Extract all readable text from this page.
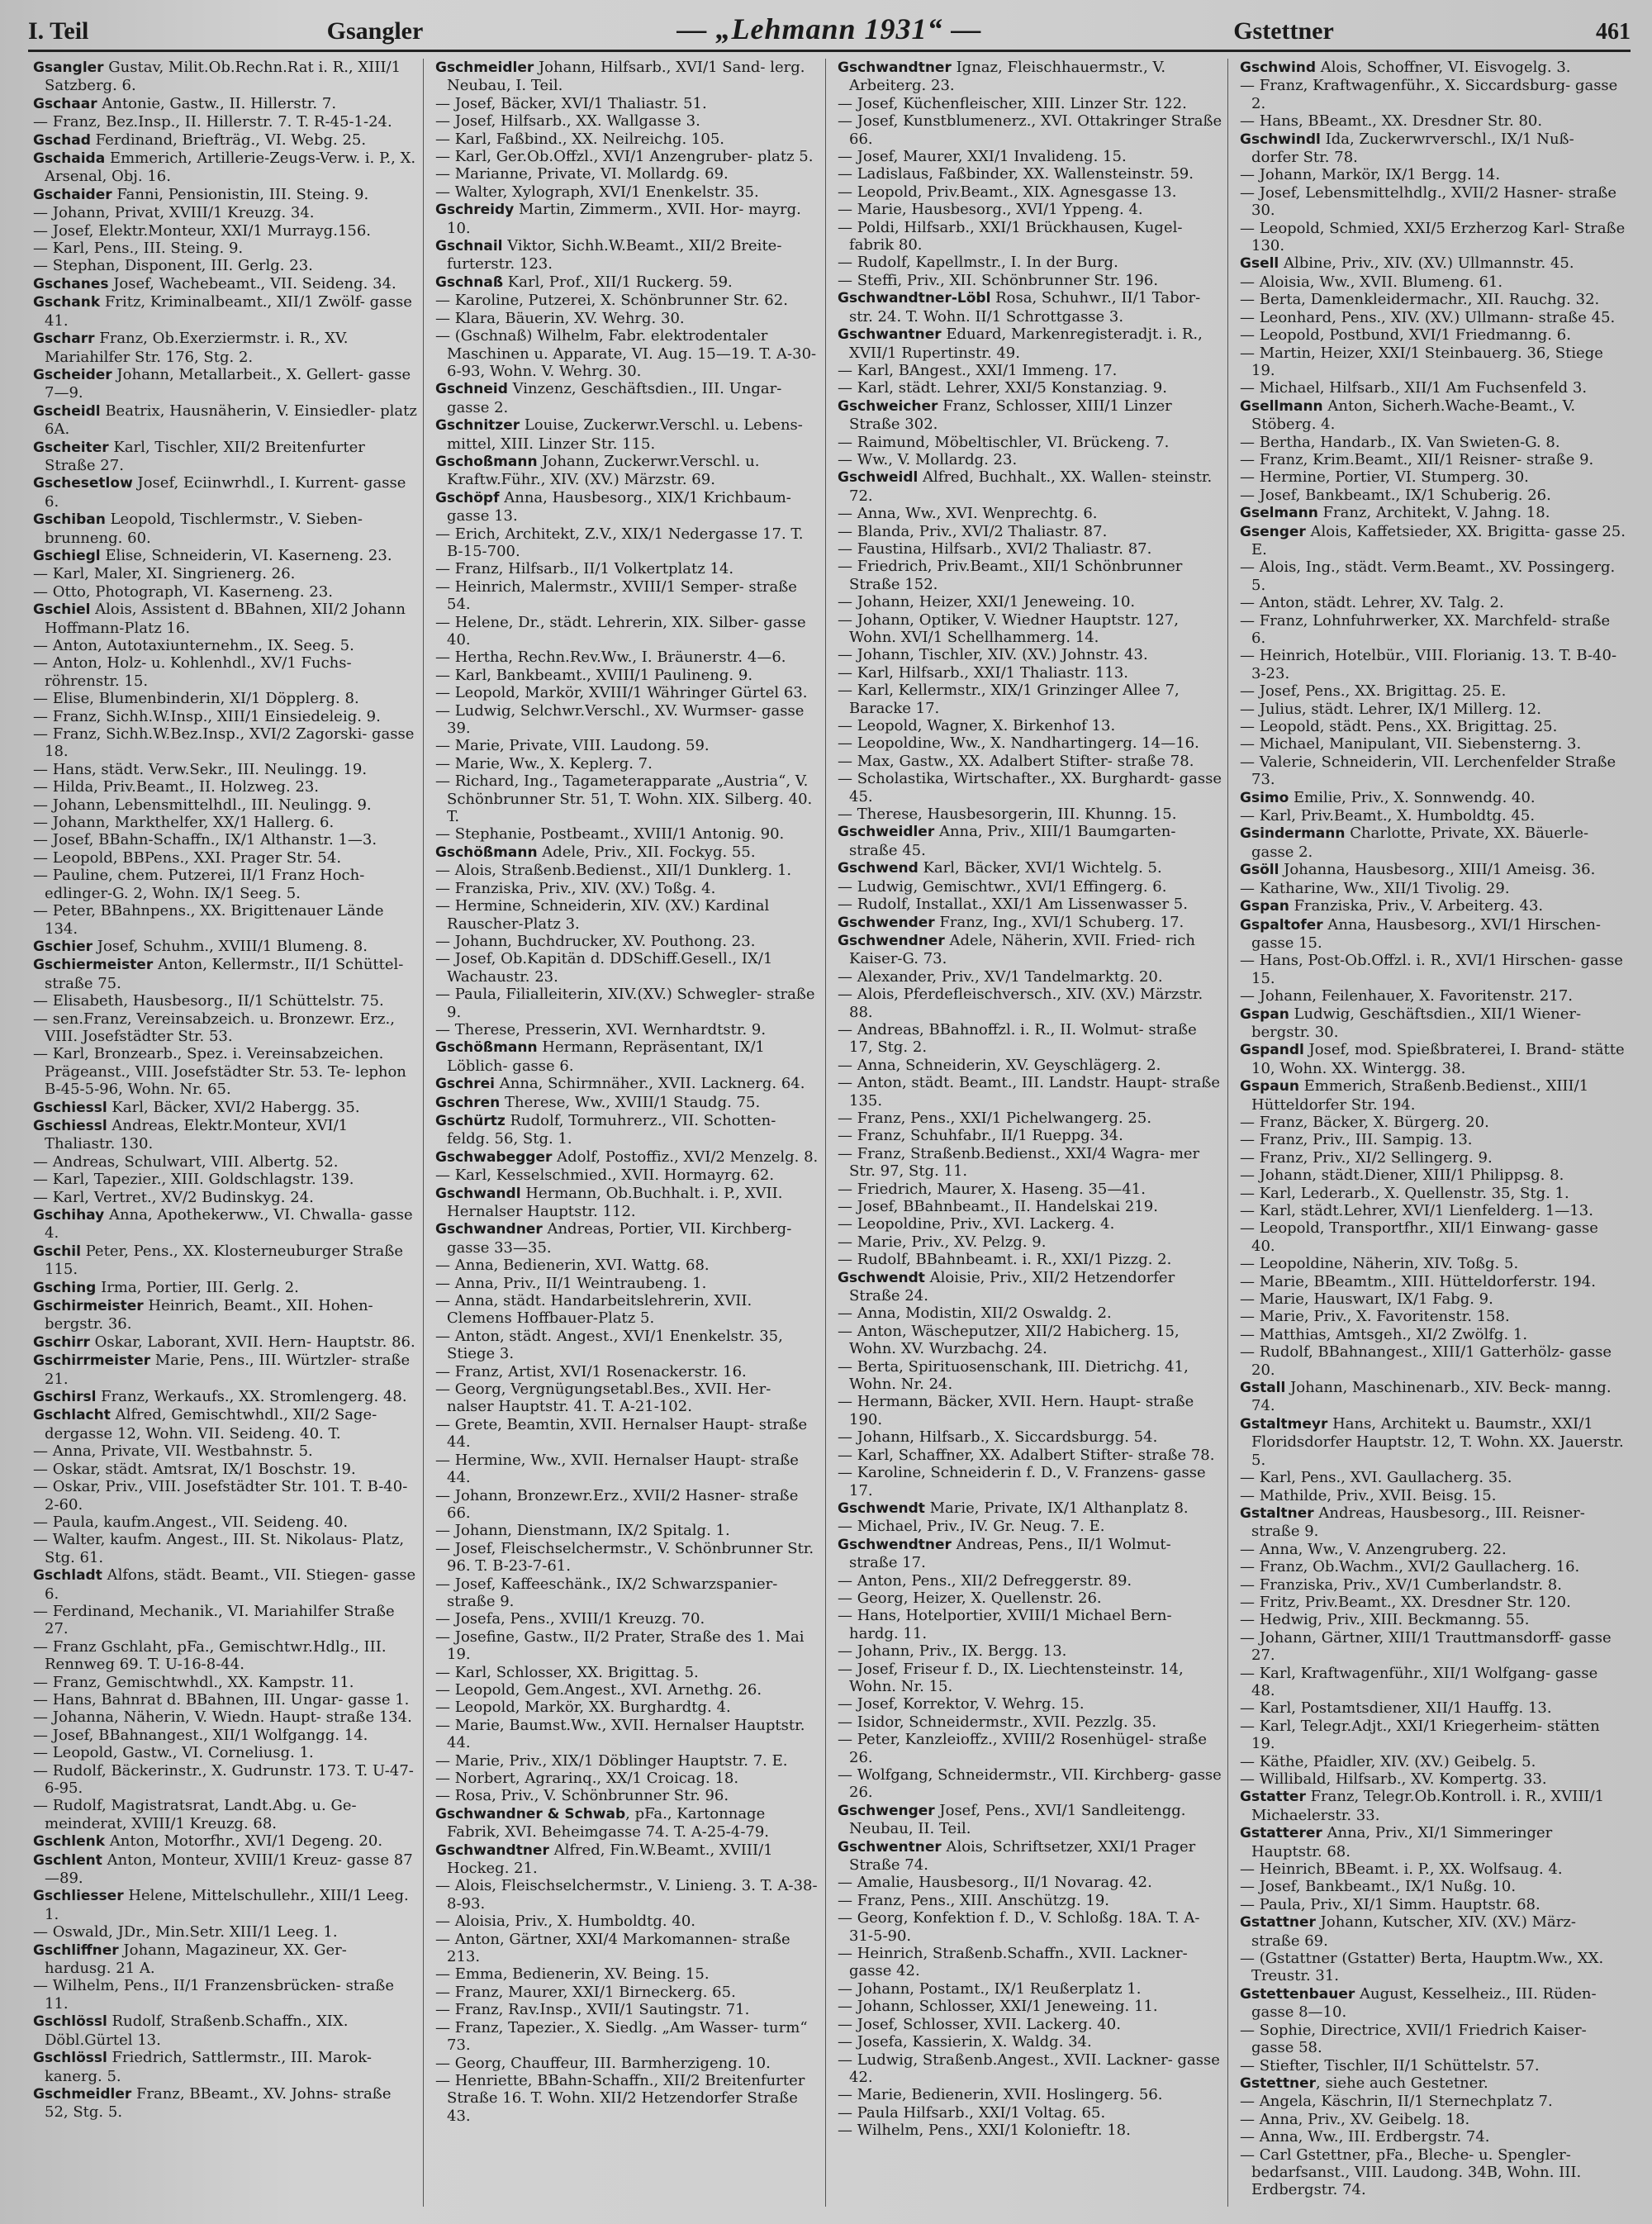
I. Teil	Gsangler	— „Lehmann 1931“ —	Gstettner	461

Gsangler Gustav, Milit.Ob.Rechn.Rat i. R., XIII/1 Satzberg. 6.

Gschaar Antonie, Gastw., II. Hillerstr. 7.

— Franz, Bez.Insp., II. Hillerstr. 7. T. R-45-1-24.

Gschad Ferdinand, Briefträg., VI. Webg. 25.

Gschaida Emmerich, Artillerie-Zeugs-Verw. i. P., X. Arsenal, Obj. 16.

Gschaider Fanni, Pensionistin, III. Steing. 9.

— Johann, Privat, XVIII/1 Kreuzg. 34.

— Josef, Elektr.Monteur, XXI/1 Murrayg.156.

— Karl, Pens., III. Steing. 9.

— Stephan, Disponent, III. Gerlg. 23.

Gschanes Josef, Wachebeamt., VII. Seideng. 34.

Gschank Fritz, Kriminalbeamt., XII/1 Zwölf- gasse 41.

Gscharr Franz, Ob.Exerziermstr. i. R., XV. Mariahilfer Str. 176, Stg. 2.

Gscheider Johann, Metallarbeit., X. Gellert- gasse 7—9.

Gscheidl Beatrix, Hausnäherin, V. Einsiedler- platz 6A.

Gscheiter Karl, Tischler, XII/2 Breitenfurter Straße 27.

Gschesetlow Josef, Eciinwrhdl., I. Kurrent- gasse 6.

Gschiban Leopold, Tischlermstr., V. Sieben- brunneng. 60.

Gschiegl Elise, Schneiderin, VI. Kaserneng. 23.

— Karl, Maler, XI. Singrienerg. 26.

— Otto, Photograph, VI. Kaserneng. 23.

Gschiel Alois, Assistent d. BBahnen, XII/2 Johann Hoffmann-Platz 16.

— Anton, Autotaxiunternehm., IX. Seeg. 5.

— Anton, Holz- u. Kohlenhdl., XV/1 Fuchs- röhrenstr. 15.

— Elise, Blumenbinderin, XI/1 Döpplerg. 8.

— Franz, Sichh.W.Insp., XIII/1 Einsiedeleig. 9.

— Franz, Sichh.W.Bez.Insp., XVI/2 Zagorski- gasse 18.

— Hans, städt. Verw.Sekr., III. Neulingg. 19.

— Hilda, Priv.Beamt., II. Holzweg. 23.

— Johann, Lebensmittelhdl., III. Neulingg. 9.

— Johann, Markthelfer, XX/1 Hallerg. 6.

— Josef, BBahn-Schaffn., IX/1 Althanstr. 1—3.

— Leopold, BBPens., XXI. Prager Str. 54.

— Pauline, chem. Putzerei, II/1 Franz Hoch- edlinger-G. 2, Wohn. IX/1 Seeg. 5.

— Peter, BBahnpens., XX. Brigittenauer Lände 134.

Gschier Josef, Schuhm., XVIII/1 Blumeng. 8.

Gschiermeister Anton, Kellermstr., II/1 Schüttel- straße 75.

— Elisabeth, Hausbesorg., II/1 Schüttelstr. 75.

— sen.Franz, Vereinsabzeich. u. Bronzewr. Erz., VIII. Josefstädter Str. 53.

— Karl, Bronzearb., Spez. i. Vereinsabzeichen. Prägeanst., VIII. Josefstädter Str. 53. Te- lephon B-45-5-96, Wohn. Nr. 65.

Gschiessl Karl, Bäcker, XVI/2 Habergg. 35.

Gschiessl Andreas, Elektr.Monteur, XVI/1 Thaliastr. 130.

— Andreas, Schulwart, VIII. Albertg. 52.

— Karl, Tapezier., XIII. Goldschlagstr. 139.

— Karl, Vertret., XV/2 Budinskyg. 24.

Gschihay Anna, Apothekerww., VI. Chwalla- gasse 4.

Gschil Peter, Pens., XX. Klosterneuburger Straße 115.

Gsching Irma, Portier, III. Gerlg. 2.

Gschirmeister Heinrich, Beamt., XII. Hohen- bergstr. 36.

Gschirr Oskar, Laborant, XVII. Hern- Hauptstr. 86.

Gschirrmeister Marie, Pens., III. Würtzler- straße 21.

Gschirsl Franz, Werkaufs., XX. Stromlengerg. 48.

Gschlacht Alfred, Gemischtwhdl., XII/2 Sage- dergasse 12, Wohn. VII. Seideng. 40. T.

— Anna, Private, VII. Westbahnstr. 5.

— Oskar, städt. Amtsrat, IX/1 Boschstr. 19.

— Oskar, Priv., VIII. Josefstädter Str. 101. T. B-40-2-60.

— Paula, kaufm.Angest., VII. Seideng. 40.

— Walter, kaufm. Angest., III. St. Nikolaus- Platz, Stg. 61.

Gschladt Alfons, städt. Beamt., VII. Stiegen- gasse 6.

— Ferdinand, Mechanik., VI. Mariahilfer Straße 27.

— Franz Gschlaht, pFa., Gemischtwr.Hdlg., III. Rennweg 69. T. U-16-8-44.

— Franz, Gemischtwhdl., XX. Kampstr. 11.

— Hans, Bahnrat d. BBahnen, III. Ungar- gasse 1.

— Johanna, Näherin, V. Wiedn. Haupt- straße 134.

— Josef, BBahnangest., XII/1 Wolfgangg. 14.

— Leopold, Gastw., VI. Corneliusg. 1.

— Rudolf, Bäckerinstr., X. Gudrunstr. 173. T. U-47-6-95.

— Rudolf, Magistratsrat, Landt.Abg. u. Ge- meinderat, XVIII/1 Kreuzg. 68.

Gschlenk Anton, Motorfhr., XVI/1 Degeng. 20.

Gschlent Anton, Monteur, XVIII/1 Kreuz- gasse 87—89.

Gschliesser Helene, Mittelschullehr., XIII/1 Leeg. 1.

— Oswald, JDr., Min.Setr. XIII/1 Leeg. 1.

Gschliffner Johann, Magazineur, XX. Ger- hardusg. 21 A.

— Wilhelm, Pens., II/1 Franzensbrücken- straße 11.

Gschlössl Rudolf, Straßenb.Schaffn., XIX. Döbl.Gürtel 13.

Gschlössl Friedrich, Sattlermstr., III. Marok- kanerg. 5.

Gschmeidler Franz, BBeamt., XV. Johns- straße 52, Stg. 5.

Gschmeidler Johann, Hilfsarb., XVI/1 Sand- lerg. Neubau, I. Teil.

— Josef, Bäcker, XVI/1 Thaliastr. 51.

— Josef, Hilfsarb., XX. Wallgasse 3.

— Karl, Faßbind., XX. Neilreichg. 105.

— Karl, Ger.Ob.Offzl., XVI/1 Anzengruber- platz 5.

— Marianne, Private, VI. Mollardg. 69.

— Walter, Xylograph, XVI/1 Enenkelstr. 35.

Gschreidy Martin, Zimmerm., XVII. Hor- mayrg. 10.

Gschnail Viktor, Sichh.W.Beamt., XII/2 Breite- furterstr. 123.

Gschnaß Karl, Prof., XII/1 Ruckerg. 59.

— Karoline, Putzerei, X. Schönbrunner Str. 62.

— Klara, Bäuerin, XV. Wehrg. 30.

— (Gschnaß) Wilhelm, Fabr. elektrodentaler Maschinen u. Apparate, VI. Aug. 15—19. T. A-30-6-93, Wohn. V. Wehrg. 30.

Gschneid Vinzenz, Geschäftsdien., III. Ungar- gasse 2.

Gschnitzer Louise, Zuckerwr.Verschl. u. Lebens- mittel, XIII. Linzer Str. 115.

Gschoßmann Johann, Zuckerwr.Verschl. u. Kraftw.Führ., XIV. (XV.) Märzstr. 69.

Gschöpf Anna, Hausbesorg., XIX/1 Krichbaum- gasse 13.

— Erich, Architekt, Z.V., XIX/1 Nedergasse 17. T. B-15-700.

— Franz, Hilfsarb., II/1 Volkertplatz 14.

— Heinrich, Malermstr., XVIII/1 Semper- straße 54.

— Helene, Dr., städt. Lehrerin, XIX. Silber- gasse 40.

— Hertha, Rechn.Rev.Ww., I. Bräunerstr. 4—6.

— Karl, Bankbeamt., XVIII/1 Paulineng. 9.

— Leopold, Markör, XVIII/1 Währinger Gürtel 63.

— Ludwig, Selchwr.Verschl., XV. Wurmser- gasse 39.

— Marie, Private, VIII. Laudong. 59.

— Marie, Ww., X. Keplerg. 7.

— Richard, Ing., Tagameterapparate „Austria“, V. Schönbrunner Str. 51, T. Wohn. XIX. Silberg. 40. T.

— Stephanie, Postbeamt., XVIII/1 Antonig. 90.

Gschößmann Adele, Priv., XII. Fockyg. 55.

— Alois, Straßenb.Bedienst., XII/1 Dunklerg. 1.

— Franziska, Priv., XIV. (XV.) Toßg. 4.

— Hermine, Schneiderin, XIV. (XV.) Kardinal Rauscher-Platz 3.

— Johann, Buchdrucker, XV. Pouthong. 23.

— Josef, Ob.Kapitän d. DDSchiff.Gesell., IX/1 Wachaustr. 23.

— Paula, Filialleiterin, XIV.(XV.) Schwegler- straße 9.

— Therese, Presserin, XVI. Wernhardtstr. 9.

Gschößmann Hermann, Repräsentant, IX/1 Löblich- gasse 6.

Gschrei Anna, Schirmnäher., XVII. Lacknerg. 64.

Gschren Therese, Ww., XVIII/1 Staudg. 75.

Gschürtz Rudolf, Tormuhrerz., VII. Schotten- feldg. 56, Stg. 1.

Gschwabegger Adolf, Postoffiz., XVI/2 Menzelg. 8.

— Karl, Kesselschmied., XVII. Hormayrg. 62.

Gschwandl Hermann, Ob.Buchhalt. i. P., XVII. Hernalser Hauptstr. 112.

Gschwandner Andreas, Portier, VII. Kirchberg- gasse 33—35.

— Anna, Bedienerin, XVI. Wattg. 68.

— Anna, Priv., II/1 Weintraubeng. 1.

— Anna, städt. Handarbeitslehrerin, XVII. Clemens Hoffbauer-Platz 5.

— Anton, städt. Angest., XVI/1 Enenkelstr. 35, Stiege 3.

— Franz, Artist, XVI/1 Rosenackerstr. 16.

— Georg, Vergnügungsetabl.Bes., XVII. Her- nalser Hauptstr. 41. T. A-21-102.

— Grete, Beamtin, XVII. Hernalser Haupt- straße 44.

— Hermine, Ww., XVII. Hernalser Haupt- straße 44.

— Johann, Bronzewr.Erz., XVII/2 Hasner- straße 66.

— Johann, Dienstmann, IX/2 Spitalg. 1.

— Josef, Fleischselchermstr., V. Schönbrunner Str. 96. T. B-23-7-61.

— Josef, Kaffeeschänk., IX/2 Schwarzspanier- straße 9.

— Josefa, Pens., XVIII/1 Kreuzg. 70.

— Josefine, Gastw., II/2 Prater, Straße des 1. Mai 19.

— Karl, Schlosser, XX. Brigittag. 5.

— Leopold, Gem.Angest., XVI. Arnethg. 26.

— Leopold, Markör, XX. Burghardtg. 4.

— Marie, Baumst.Ww., XVII. Hernalser Hauptstr. 44.

— Marie, Priv., XIX/1 Döblinger Hauptstr. 7. E.

— Norbert, Agrarinq., XX/1 Croicag. 18.

— Rosa, Priv., V. Schönbrunner Str. 96.

Gschwandner & Schwab, pFa., Kartonnage Fabrik, XVI. Beheimgasse 74. T. A-25-4-79.

Gschwandtner Alfred, Fin.W.Beamt., XVIII/1 Hockeg. 21.

— Alois, Fleischselchermstr., V. Linieng. 3. T. A-38-8-93.

— Aloisia, Priv., X. Humboldtg. 40.

— Anton, Gärtner, XXI/4 Markomannen- straße 213.

— Emma, Bedienerin, XV. Being. 15.

— Franz, Maurer, XXI/1 Birneckerg. 65.

— Franz, Rav.Insp., XVII/1 Sautingstr. 71.

— Franz, Tapezier., X. Siedlg. „Am Wasser- turm“ 73.

— Georg, Chauffeur, III. Barmherzigeng. 10.

— Henriette, BBahn-Schaffn., XII/2 Breitenfurter Straße 16. T. Wohn. XII/2 Hetzendorfer Straße 43.

Gschwandtner Ignaz, Fleischhauermstr., V. Arbeiterg. 23.

— Josef, Küchenfleischer, XIII. Linzer Str. 122.

— Josef, Kunstblumenerz., XVI. Ottakringer Straße 66.

— Josef, Maurer, XXI/1 Invalideng. 15.

— Ladislaus, Faßbinder, XX. Wallensteinstr. 59.

— Leopold, Priv.Beamt., XIX. Agnesgasse 13.

— Marie, Hausbesorg., XVI/1 Yppeng. 4.

— Poldi, Hilfsarb., XXI/1 Brückhausen, Kugel- fabrik 80.

— Rudolf, Kapellmstr., I. In der Burg.

— Steffi, Priv., XII. Schönbrunner Str. 196.

Gschwandtner-Löbl Rosa, Schuhwr., II/1 Tabor- str. 24. T. Wohn. II/1 Schrottgasse 3.

Gschwantner Eduard, Markenregisteradjt. i. R., XVII/1 Rupertinstr. 49.

— Karl, BAngest., XXI/1 Immeng. 17.

— Karl, städt. Lehrer, XXI/5 Konstanziag. 9.

Gschweicher Franz, Schlosser, XIII/1 Linzer Straße 302.

— Raimund, Möbeltischler, VI. Brückeng. 7.

— Ww., V. Mollardg. 23.

Gschweidl Alfred, Buchhalt., XX. Wallen- steinstr. 72.

— Anna, Ww., XVI. Wenprechtg. 6.

— Blanda, Priv., XVI/2 Thaliastr. 87.

— Faustina, Hilfsarb., XVI/2 Thaliastr. 87.

— Friedrich, Priv.Beamt., XII/1 Schönbrunner Straße 152.

— Johann, Heizer, XXI/1 Jeneweing. 10.

— Johann, Optiker, V. Wiedner Hauptstr. 127, Wohn. XVI/1 Schellhammerg. 14.

— Johann, Tischler, XIV. (XV.) Johnstr. 43.

— Karl, Hilfsarb., XXI/1 Thaliastr. 113.

— Karl, Kellermstr., XIX/1 Grinzinger Allee 7, Baracke 17.

— Leopold, Wagner, X. Birkenhof 13.

— Leopoldine, Ww., X. Nandhartingerg. 14—16.

— Max, Gastw., XX. Adalbert Stifter- straße 78.

— Scholastika, Wirtschafter., XX. Burghardt- gasse 45.

— Therese, Hausbesorgerin, III. Khunng. 15.

Gschweidler Anna, Priv., XIII/1 Baumgarten- straße 45.

Gschwend Karl, Bäcker, XVI/1 Wichtelg. 5.

— Ludwig, Gemischtwr., XVI/1 Effingerg. 6.

— Rudolf, Installat., XXI/1 Am Lissenwasser 5.

Gschwender Franz, Ing., XVI/1 Schuberg. 17.

Gschwendner Adele, Näherin, XVII. Fried- rich Kaiser-G. 73.

— Alexander, Priv., XV/1 Tandelmarktg. 20.

— Alois, Pferdefleischversch., XIV. (XV.) Märzstr. 88.

— Andreas, BBahnoffzl. i. R., II. Wolmut- straße 17, Stg. 2.

— Anna, Schneiderin, XV. Geyschlägerg. 2.

— Anton, städt. Beamt., III. Landstr. Haupt- straße 135.

— Franz, Pens., XXI/1 Pichelwangerg. 25.

— Franz, Schuhfabr., II/1 Rueppg. 34.

— Franz, Straßenb.Bedienst., XXI/4 Wagra- mer Str. 97, Stg. 11.

— Friedrich, Maurer, X. Haseng. 35—41.

— Josef, BBahnbeamt., II. Handelskai 219.

— Leopoldine, Priv., XVI. Lackerg. 4.

— Marie, Priv., XV. Pelzg. 9.

— Rudolf, BBahnbeamt. i. R., XXI/1 Pizzg. 2.

Gschwendt Aloisie, Priv., XII/2 Hetzendorfer Straße 24.

— Anna, Modistin, XII/2 Oswaldg. 2.

— Anton, Wäscheputzer, XII/2 Habicherg. 15, Wohn. XV. Wurzbachg. 24.

— Berta, Spirituosenschank, III. Dietrichg. 41, Wohn. Nr. 24.

— Hermann, Bäcker, XVII. Hern. Haupt- straße 190.

— Johann, Hilfsarb., X. Siccardsburgg. 54.

— Karl, Schaffner, XX. Adalbert Stifter- straße 78.

— Karoline, Schneiderin f. D., V. Franzens- gasse 17.

Gschwendt Marie, Private, IX/1 Althanplatz 8.

— Michael, Priv., IV. Gr. Neug. 7. E.

Gschwendtner Andreas, Pens., II/1 Wolmut- straße 17.

— Anton, Pens., XII/2 Defreggerstr. 89.

— Georg, Heizer, X. Quellenstr. 26.

— Hans, Hotelportier, XVIII/1 Michael Bern- hardg. 11.

— Johann, Priv., IX. Bergg. 13.

— Josef, Friseur f. D., IX. Liechtensteinstr. 14, Wohn. Nr. 15.

— Josef, Korrektor, V. Wehrg. 15.

— Isidor, Schneidermstr., XVII. Pezzlg. 35.

— Peter, Kanzleioffz., XVIII/2 Rosenhügel- straße 26.

— Wolfgang, Schneidermstr., VII. Kirchberg- gasse 26.

Gschwenger Josef, Pens., XVI/1 Sandleitengg. Neubau, II. Teil.

Gschwentner Alois, Schriftsetzer, XXI/1 Prager Straße 74.

— Amalie, Hausbesorg., II/1 Novarag. 42.

— Franz, Pens., XIII. Anschützg. 19.

— Georg, Konfektion f. D., V. Schloßg. 18A. T. A-31-5-90.

— Heinrich, Straßenb.Schaffn., XVII. Lackner- gasse 42.

— Johann, Postamt., IX/1 Reußerplatz 1.

— Johann, Schlosser, XXI/1 Jeneweing. 11.

— Josef, Schlosser, XVII. Lackerg. 40.

— Josefa, Kassierin, X. Waldg. 34.

— Ludwig, Straßenb.Angest., XVII. Lackner- gasse 42.

— Marie, Bedienerin, XVII. Hoslingerg. 56.

— Paula Hilfsarb., XXI/1 Voltag. 65.

— Wilhelm, Pens., XXI/1 Kolonieftr. 18.

Gschwind Alois, Schoffner, VI. Eisvogelg. 3.

— Franz, Kraftwagenführ., X. Siccardsburg- gasse 2.

— Hans, BBeamt., XX. Dresdner Str. 80.

Gschwindl Ida, Zuckerwrverschl., IX/1 Nuß- dorfer Str. 78.

— Johann, Markör, IX/1 Bergg. 14.

— Josef, Lebensmittelhdlg., XVII/2 Hasner- straße 30.

— Leopold, Schmied, XXI/5 Erzherzog Karl- Straße 130.

Gsell Albine, Priv., XIV. (XV.) Ullmannstr. 45.

— Aloisia, Ww., XVII. Blumeng. 61.

— Berta, Damenkleidermachr., XII. Rauchg. 32.

— Leonhard, Pens., XIV. (XV.) Ullmann- straße 45.

— Leopold, Postbund, XVI/1 Friedmanng. 6.

— Martin, Heizer, XXI/1 Steinbauerg. 36, Stiege 19.

— Michael, Hilfsarb., XII/1 Am Fuchsenfeld 3.

Gsellmann Anton, Sicherh.Wache-Beamt., V. Stöberg. 4.

— Bertha, Handarb., IX. Van Swieten-G. 8.

— Franz, Krim.Beamt., XII/1 Reisner- straße 9.

— Hermine, Portier, VI. Stumperg. 30.

— Josef, Bankbeamt., IX/1 Schuberig. 26.

Gselmann Franz, Architekt, V. Jahng. 18.

Gsenger Alois, Kaffetsieder, XX. Brigitta- gasse 25. E.

— Alois, Ing., städt. Verm.Beamt., XV. Possingerg. 5.

— Anton, städt. Lehrer, XV. Talg. 2.

— Franz, Lohnfuhrwerker, XX. Marchfeld- straße 6.

— Heinrich, Hotelbür., VIII. Florianig. 13. T. B-40-3-23.

— Josef, Pens., XX. Brigittag. 25. E.

— Julius, städt. Lehrer, IX/1 Millerg. 12.

— Leopold, städt. Pens., XX. Brigittag. 25.

— Michael, Manipulant, VII. Siebensterng. 3.

— Valerie, Schneiderin, VII. Lerchenfelder Straße 73.

Gsimo Emilie, Priv., X. Sonnwendg. 40.

— Karl, Priv.Beamt., X. Humboldtg. 45.

Gsindermann Charlotte, Private, XX. Bäuerle- gasse 2.

Gsöll Johanna, Hausbesorg., XIII/1 Ameisg. 36.

— Katharine, Ww., XII/1 Tivolig. 29.

Gspan Franziska, Priv., V. Arbeiterg. 43.

Gspaltofer Anna, Hausbesorg., XVI/1 Hirschen- gasse 15.

— Hans, Post-Ob.Offzl. i. R., XVI/1 Hirschen- gasse 15.

— Johann, Feilenhauer, X. Favoritenstr. 217.

Gspan Ludwig, Geschäftsdien., XII/1 Wiener- bergstr. 30.

Gspandl Josef, mod. Spießbraterei, I. Brand- stätte 10, Wohn. XX. Wintergg. 38.

Gspaun Emmerich, Straßenb.Bedienst., XIII/1 Hütteldorfer Str. 194.

— Franz, Bäcker, X. Bürgerg. 20.

— Franz, Priv., III. Sampig. 13.

— Franz, Priv., XI/2 Sellingerg. 9.

— Johann, städt.Diener, XIII/1 Philippsg. 8.

— Karl, Lederarb., X. Quellenstr. 35, Stg. 1.

— Karl, städt.Lehrer, XVI/1 Lienfelderg. 1—13.

— Leopold, Transportfhr., XII/1 Einwang- gasse 40.

— Leopoldine, Näherin, XIV. Toßg. 5.

— Marie, BBeamtm., XIII. Hütteldorferstr. 194.

— Marie, Hauswart, IX/1 Fabg. 9.

— Marie, Priv., X. Favoritenstr. 158.

— Matthias, Amtsgeh., XI/2 Zwölfg. 1.

— Rudolf, BBahnangest., XIII/1 Gatterhölz- gasse 20.

Gstall Johann, Maschinenarb., XIV. Beck- manng. 74.

Gstaltmeyr Hans, Architekt u. Baumstr., XXI/1 Floridsdorfer Hauptstr. 12, T. Wohn. XX. Jauerstr. 5.

— Karl, Pens., XVI. Gaullacherg. 35.

— Mathilde, Priv., XVII. Beisg. 15.

Gstaltner Andreas, Hausbesorg., III. Reisner- straße 9.

— Anna, Ww., V. Anzengruberg. 22.

— Franz, Ob.Wachm., XVI/2 Gaullacherg. 16.

— Franziska, Priv., XV/1 Cumberlandstr. 8.

— Fritz, Priv.Beamt., XX. Dresdner Str. 120.

— Hedwig, Priv., XIII. Beckmanng. 55.

— Johann, Gärtner, XIII/1 Trauttmansdorff- gasse 27.

— Karl, Kraftwagenführ., XII/1 Wolfgang- gasse 48.

— Karl, Postamtsdiener, XII/1 Hauffg. 13.

— Karl, Telegr.Adjt., XXI/1 Kriegerheim- stätten 19.

— Käthe, Pfaidler, XIV. (XV.) Geibelg. 5.

— Willibald, Hilfsarb., XV. Kompertg. 33.

Gstatter Franz, Telegr.Ob.Kontroll. i. R., XVIII/1 Michaelerstr. 33.

Gstatterer Anna, Priv., XI/1 Simmeringer Hauptstr. 68.

— Heinrich, BBeamt. i. P., XX. Wolfsaug. 4.

— Josef, Bankbeamt., IX/1 Nußg. 10.

— Paula, Priv., XI/1 Simm. Hauptstr. 68.

Gstattner Johann, Kutscher, XIV. (XV.) März- straße 69.

— (Gstattner (Gstatter) Berta, Hauptm.Ww., XX. Treustr. 31.

Gstettenbauer August, Kesselheiz., III. Rüden- gasse 8—10.

— Sophie, Directrice, XVII/1 Friedrich Kaiser- gasse 58.

— Stiefter, Tischler, II/1 Schüttelstr. 57.

Gstettner, siehe auch Gestetner.

— Angela, Käschrin, II/1 Sternechplatz 7.

— Anna, Priv., XV. Geibelg. 18.

— Anna, Ww., III. Erdbergstr. 74.

— Carl Gstettner, pFa., Bleche- u. Spengler- bedarfsanst., VIII. Laudong. 34B, Wohn. III. Erdbergstr. 74.
